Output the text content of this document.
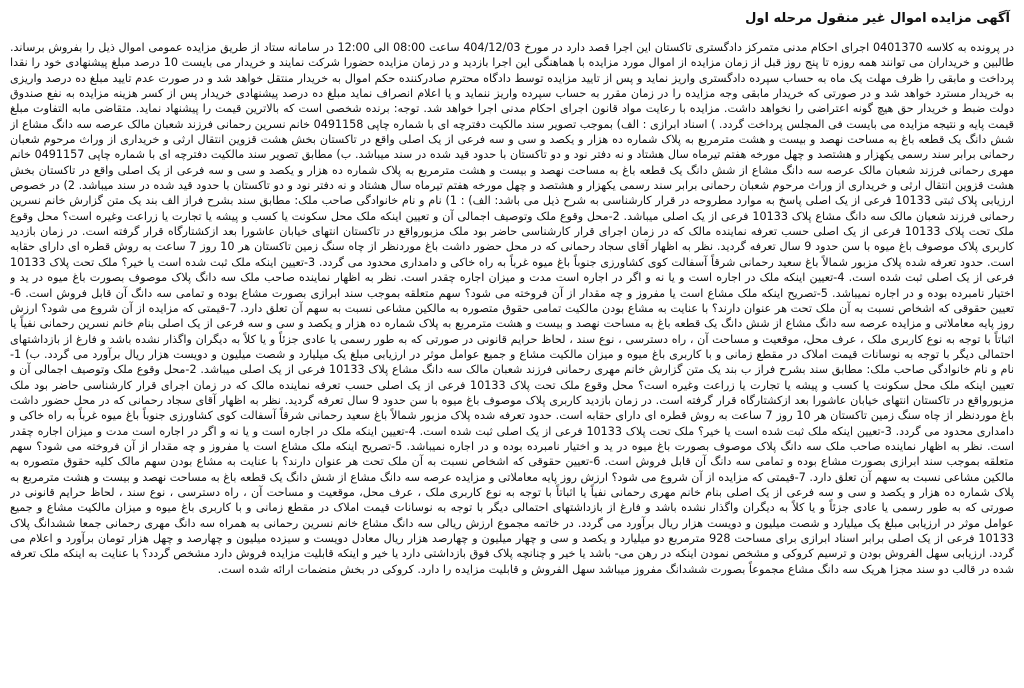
آگهی مزایده اموال غیر منقول مرحله اول

در پرونده به کلاسه 0401370 اجرای احکام مدنی متمرکز دادگستری تاکستان این اجرا قصد دارد در مورخ 404/12/03 ساعت 08:00 الی 12:00 در سامانه ستاد از طریق مزایده عمومی اموال ذیل را بفروش برساند. طالبین و خریداران می توانند همه روزه تا پنج روز قبل از زمان مزایده از اموال مورد مزایده با هماهنگی این اجرا بازدید و در زمان مزایده حضورا شرکت نمایند و خریدار می بایست 10 درصد مبلغ پیشنهادی خود را نقدا پرداخت و مابقی را ظرف مهلت یک ماه به حساب سپرده دادگستری واریز نماید و پس از تایید مزایده توسط دادگاه محترم صادرکننده حکم اموال به خریدار منتقل خواهد شد و در صورت عدم تایید مبلغ ده درصد واریزی به خریدار مسترد خواهد شد و در صورتی که خریدار مابقی وجه مزایده را در زمان مقرر به حساب سپرده واریز ننماید و یا اعلام انصراف نماید مبلغ ده درصد پیشنهادی خریدار پس از کسر هزینه مزایده به نفع صندوق دولت ضبط و خریدار حق هیچ گونه اعتراضی را نخواهد داشت. مزایده با رعایت مواد قانون اجرای احکام مدنی اجرا خواهد شد. توجه: برنده شخصی است که بالاترین قیمت را پیشنهاد نماید. متقاضی مابه التفاوت مبلغ قیمت پایه و نتیجه مزایده می بایست فی المجلس پرداخت گردد. ) اسناد ابرازی : الف) بموجب تصویر سند مالکیت دفترچه ای با شماره چاپی 0491158 خانم نسرین رحمانی فرزند شعبان مالک عرصه سه دانگ مشاع از شش دانگ یک قطعه باغ به مساحت نهصد و بیست و هشت مترمربع به پلاک شماره ده هزار و یکصد و سی و سه فرعی از یک اصلی واقع در تاکستان بخش هشت قزوین انتقال ارثی و خریداری از وراث مرحوم شعبان رحمانی برابر سند رسمی یکهزار و هشتصد و چهل مورخه هفتم تیرماه سال هشتاد و نه دفتر نود و دو تاکستان با حدود قید شده در سند میباشد. ب) مطابق تصویر سند مالکیت دفترچه ای با شماره چاپی 0491157 خانم مهری رحمانی فرزند شعبان مالک عرصه سه دانگ مشاع از شش دانگ یک قطعه باغ به مساحت نهصد و بیست و هشت مترمربع به پلاک شماره ده هزار و یکصد و سی و سه فرعی از یک اصلی واقع در تاکستان بخش هشت قزوین انتقال ارثی و خریداری از وراث مرحوم شعبان رحمانی برابر سند رسمی یکهزار و هشتصد و چهل مورخه هفتم تیرماه سال هشتاد و نه دفتر نود و دو تاکستان با حدود قید شده در سند میباشد. 2) در خصوص ارزیابی پلاک ثبتی 10133 فرعی از یک اصلی پاسخ به موارد مطروحه در قرار کارشناسی به شرح ذیل می باشد: الف) : 1) نام و نام خانوادگی صاحب ملک: مطابق سند بشرح فراز الف بند یک متن گزارش خانم نسرین رحمانی فرزند شعبان مالک سه دانگ مشاع پلاک 10133 فرعی از یک اصلی میباشد. 2-محل وقوع ملک وتوصیف اجمالی آن و تعیین اینکه ملک محل سکونت یا کسب و پیشه یا تجارت یا زراعت وغیره است؟ محل وقوع ملک تحت پلاک 10133 فرعی از یک اصلی حسب تعرفه نماینده مالک که در زمان اجرای قرار کارشناسی حاضر بود ملک مزبورواقع در تاکستان انتهای خیابان عاشورا بعد ازکشتارگاه قرار گرفته است. در زمان بازدید کاربری پلاک موصوف باغ میوه با سن حدود 9 سال تعرفه گردید. نظر به اظهار آقای سجاد رحمانی که در محل حضور داشت باغ موردنظر از چاه سنگ زمین تاکستان هر 10 روز 7 ساعت به روش قطره ای دارای حقابه است. حدود تعرفه شده پلاک مزبور شمالاً باغ سعید رحمانی شرقاً آسفالت کوی کشاورزی جنوباً باغ میوه غرباً به راه خاکی و دامداری محدود می گردد. 3-تعیین اینکه ملک ثبت شده است یا خیر؟ ملک تحت پلاک 10133 فرعی از یک اصلی ثبت شده است. 4-تعیین اینکه ملک در اجاره است و یا نه و اگر در اجاره است مدت و میزان اجاره چقدر است. نظر به اظهار نماینده صاحب ملک سه دانگ پلاک موصوف بصورت باغ میوه در ید و اختیار نامبرده بوده و در اجاره نمیباشد. 5-تصریح اینکه ملک مشاع است یا مفروز و چه مقدار از آن فروخته می شود؟ سهم متعلقه بموجب سند ابرازی بصورت مشاع بوده و تمامی سه دانگ آن قابل فروش است. 6-تعیین حقوقی که اشخاص نسبت به آن ملک تحت هر عنوان دارند؟ با عنایت به مشاع بودن مالکیت تمامی حقوق متصوره به مالکین مشاعی نسبت به سهم آن تعلق دارد. 7-قیمتی که مزایده از آن شروع می شود؟ ارزش روز پایه معاملاتی و مزایده عرصه سه دانگ مشاع از شش دانگ یک قطعه باغ به مساحت نهصد و بیست و هشت مترمربع به پلاک شماره ده هزار و یکصد و سی و سه فرعی از یک اصلی بنام خانم نسرین رحمانی نفیاً یا اثباتاً با توجه به نوع کاربری ملک ، عرف محل، موقعیت و مساحت آن ، راه دسترسی ، نوع سند ، لحاظ حرایم قانونی در صورتی که به طور رسمی یا عادی جزئاً و یا کلاً به دیگران واگذار نشده باشد و فارغ از بازداشتهای احتمالی دیگر با توجه به نوسانات قیمت املاک در مقطع زمانی و با کاربری باغ میوه و میزان مالکیت مشاع و جمیع عوامل موثر در ارزیابی مبلغ یک میلیارد و شصت میلیون و دویست هزار ریال برآورد می گردد. ب) 1- نام و نام خانوادگی صاحب ملک: مطابق سند بشرح فراز ب بند یک متن گزارش خانم مهری رحمانی فرزند شعبان مالک سه دانگ مشاع پلاک 10133 فرعی از یک اصلی میباشد. 2-محل وقوع ملک وتوصیف اجمالی آن و تعیین اینکه ملک محل سکونت یا کسب و پیشه یا تجارت یا زراعت وغیره است؟ محل وقوع ملک تحت پلاک 10133 فرعی از یک اصلی حسب تعرفه نماینده مالک که در زمان اجرای قرار کارشناسی حاضر بود ملک مزبورواقع در تاکستان انتهای خیابان عاشورا بعد ازکشتارگاه قرار گرفته است. در زمان بازدید کاربری پلاک موصوف باغ میوه با سن حدود 9 سال تعرفه گردید. نظر به اظهار آقای سجاد رحمانی که در محل حضور داشت باغ موردنظر از چاه سنگ زمین تاکستان هر 10 روز 7 ساعت به روش قطره ای دارای حقابه است. حدود تعرفه شده پلاک مزبور شمالاً باغ سعید رحمانی شرقاً آسفالت کوی کشاورزی جنوباً باغ میوه غرباً به راه خاکی و دامداری محدود می گردد. 3-تعیین اینکه ملک ثبت شده است یا خیر؟ ملک تحت پلاک 10133 فرعی از یک اصلی ثبت شده است. 4-تعیین اینکه ملک در اجاره است و یا نه و اگر در اجاره است مدت و میزان اجاره چقدر است. نظر به اظهار نماینده صاحب ملک سه دانگ پلاک موصوف بصورت باغ میوه در ید و اختیار نامبرده بوده و در اجاره نمیباشد. 5-تصریح اینکه ملک مشاع است یا مفروز و چه مقدار از آن فروخته می شود؟ سهم متعلقه بموجب سند ابرازی بصورت مشاع بوده و تمامی سه دانگ آن قابل فروش است. 6-تعیین حقوقی که اشخاص نسبت به آن ملک تحت هر عنوان دارند؟ با عنایت به مشاع بودن سهم مالک کلیه حقوق متصوره به مالکین مشاعی نسبت به سهم آن تعلق دارد. 7-قیمتی که مزایده از آن شروع می شود؟ ارزش روز پایه معاملاتی و مزایده عرصه سه دانگ مشاع از شش دانگ یک قطعه باغ به مساحت نهصد و بیست و هشت مترمربع به پلاک شماره ده هزار و یکصد و سی و سه فرعی از یک اصلی بنام خانم مهری رحمانی نفیاً یا اثباتاً با توجه به نوع کاربری ملک ، عرف محل، موقعیت و مساحت آن ، راه دسترسی ، نوع سند ، لحاظ حرایم قانونی در صورتی که به طور رسمی یا عادی جزئاً و یا کلاً به دیگران واگذار نشده باشد و فارغ از بازداشتهای احتمالی دیگر با توجه به نوسانات قیمت املاک در مقطع زمانی و با کاربری باغ میوه و میزان مالکیت مشاع و جمیع عوامل موثر در ارزیابی مبلغ یک میلیارد و شصت میلیون و دویست هزار ریال برآورد می گردد. در خاتمه مجموع ارزش ریالی سه دانگ مشاع خانم نسرین رحمانی به همراه سه دانگ مهری رحمانی جمعا ششدانگ پلاک 10133 فرعی از یک اصلی برابر اسناد ابرازی برای مساحت 928 مترمربع دو میلیارد و یکصد و سی و چهار میلیون و چهارصد هزار ریال معادل دویست و سیزده میلیون و چهارصد و چهل هزار تومان برآورد و اعلام می گردد. ارزیابی سهل الفروش بودن و ترسیم کروکی و مشخص نمودن اینکه در رهن می- باشد یا خیر و چنانچه پلاک فوق بازداشتی دارد یا خیر و اینکه قابلیت مزایده فروش دارد مشخص گردد؟ با عنایت به اینکه ملک تعرفه شده در قالب دو سند مجزا هریک سه دانگ مشاع مجموعاً بصورت ششدانگ مفروز میباشد سهل الفروش و قابلیت مزایده را دارد. کروکی در بخش منضمات ارائه شده است.
